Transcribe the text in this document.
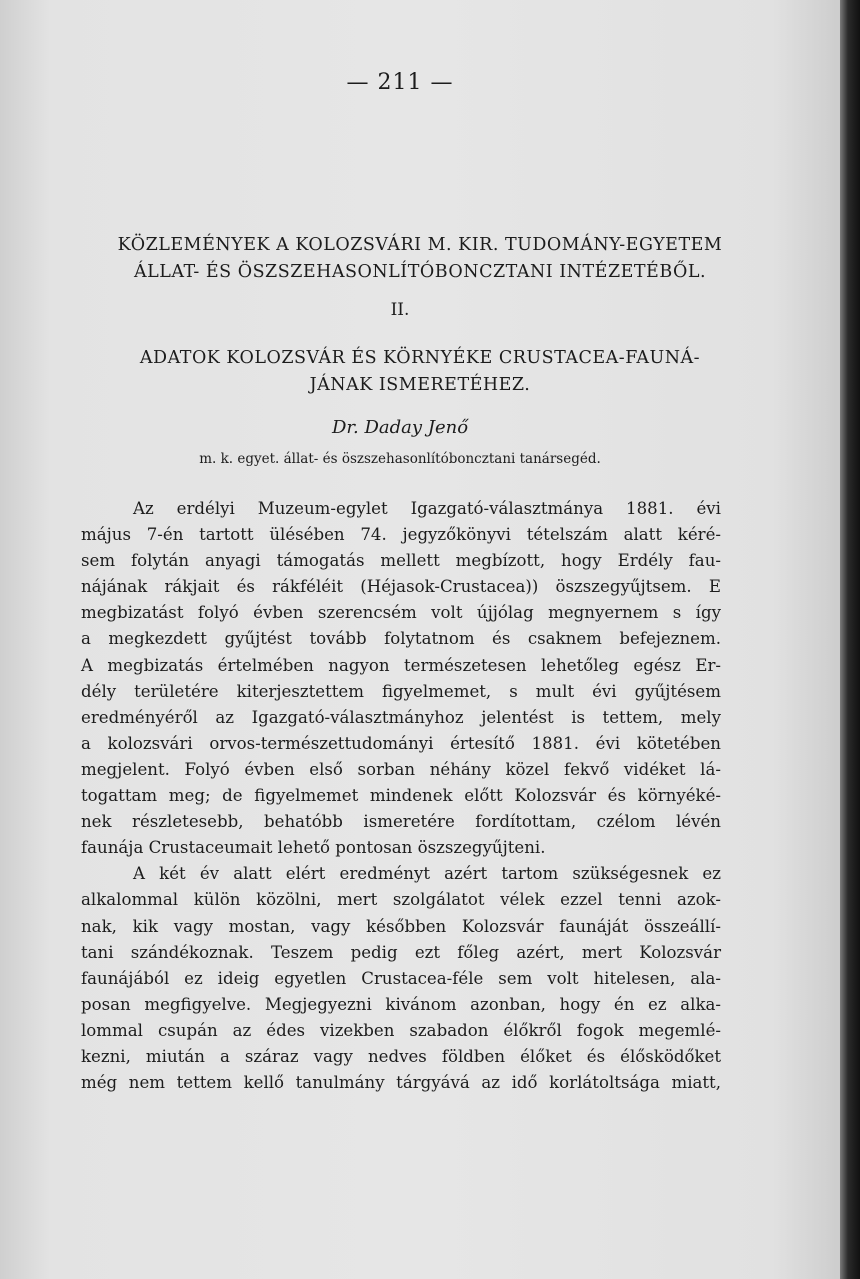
— 211 —
KÖZLEMÉNYEK A KOLOZSVÁRI M. KIR. TUDOMÁNY-EGYETEM
ÁLLAT- ÉS ÖSZSZEHASONLÍTÓBONCZTANI INTÉZETÉBŐL.
II.
ADATOK KOLOZSVÁR ÉS KÖRNYÉKE CRUSTACEA-FAUNÁ-
JÁNAK ISMERETÉHEZ.
Dr. Daday Jenő
m. k. egyet. állat- és öszszehasonlítóboncztani tanársegéd.
Az erdélyi Muzeum-egylet Igazgató-választmánya 1881. évi
május 7-én tartott ülésében 74. jegyzőkönyvi tételszám alatt kéré-
sem folytán anyagi támogatás mellett megbízott, hogy Erdély fau-
nájának rákjait és rákféléit (Héjasok-Crustacea)) öszszegyűjtsem. E
megbizatást folyó évben szerencsém volt újjólag megnyernem s így
a megkezdett gyűjtést tovább folytatnom és csaknem befejeznem.
A megbizatás értelmében nagyon természetesen lehetőleg egész Er-
dély területére kiterjesztettem figyelmemet, s mult évi gyűjtésem
eredményéről az Igazgató-választmányhoz jelentést is tettem, mely
a kolozsvári orvos-természettudományi értesítő 1881. évi kötetében
megjelent. Folyó évben első sorban néhány közel fekvő vidéket lá-
togattam meg; de figyelmemet mindenek előtt Kolozsvár és környéké-
nek részletesebb, behatóbb ismeretére fordítottam, czélom lévén
faunája Crustaceumait lehető pontosan öszszegyűjteni.
A két év alatt elért eredményt azért tartom szükségesnek ez
alkalommal külön közölni, mert szolgálatot vélek ezzel tenni azok-
nak, kik vagy mostan, vagy későbben Kolozsvár faunáját összeállí-
tani szándékoznak. Teszem pedig ezt főleg azért, mert Kolozsvár
faunájából ez ideig egyetlen Crustacea-féle sem volt hitelesen, ala-
posan megfigyelve. Megjegyezni kivánom azonban, hogy én ez alka-
lommal csupán az édes vizekben szabadon élőkről fogok megemlé-
kezni, miután a száraz vagy nedves földben élőket és élősködőket
még nem tettem kellő tanulmány tárgyává az idő korlátoltsága miatt,
